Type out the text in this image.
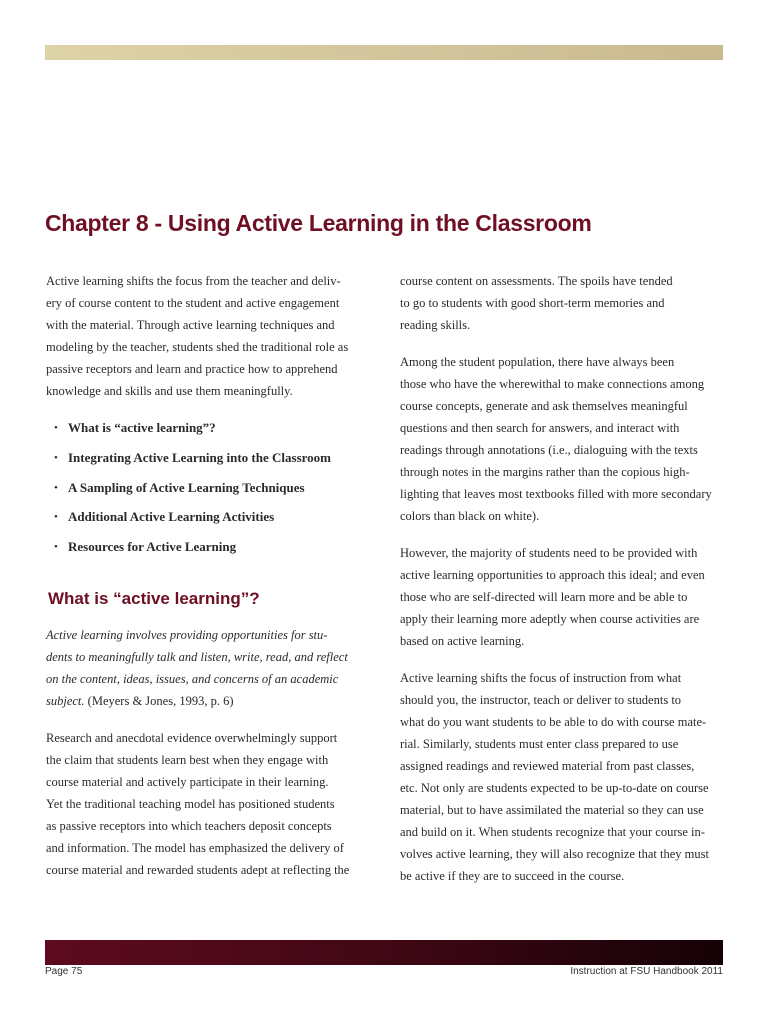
Chapter 8 - Using Active Learning in the Classroom

Active learning shifts the focus from the teacher and deliv-
ery of course content to the student and active engagement
with the material. Through active learning techniques and
modeling by the teacher, students shed the traditional role as
passive receptors and learn and practice how to apprehend
knowledge and skills and use them meaningfully.

• What is “active learning”?
• Integrating Active Learning into the Classroom
• A Sampling of Active Learning Techniques
• Additional Active Learning Activities
• Resources for Active Learning
What is “active learning”?

Active learning involves providing opportunities for stu-
dents to meaningfully talk and listen, write, read, and reflect
on the content, ideas, issues, and concerns of an academic
subject. (Meyers & Jones, 1993, p. 6)

Research and anecdotal evidence overwhelmingly support
the claim that students learn best when they engage with
course material and actively participate in their learning.
Yet the traditional teaching model has positioned students
as passive receptors into which teachers deposit concepts
and information. The model has emphasized the delivery of
course material and rewarded students adept at reflecting the

course content on assessments. The spoils have tended
to go to students with good short-term memories and
reading skills.

Among the student population, there have always been
those who have the wherewithal to make connections among
course concepts, generate and ask themselves meaningful
questions and then search for answers, and interact with
readings through annotations (i.e., dialoguing with the texts
through notes in the margins rather than the copious high-
lighting that leaves most textbooks filled with more secondary
colors than black on white).

However, the majority of students need to be provided with
active learning opportunities to approach this ideal; and even
those who are self-directed will learn more and be able to
apply their learning more adeptly when course activities are
based on active learning.

Active learning shifts the focus of instruction from what
should you, the instructor, teach or deliver to students to
what do you want students to be able to do with course mate-
rial. Similarly, students must enter class prepared to use
assigned readings and reviewed material from past classes,
etc. Not only are students expected to be up-to-date on course
material, but to have assimilated the material so they can use
and build on it. When students recognize that your course in-
volves active learning, they will also recognize that they must
be active if they are to succeed in the course.

Page 75	Instruction at FSU Handbook 2011
